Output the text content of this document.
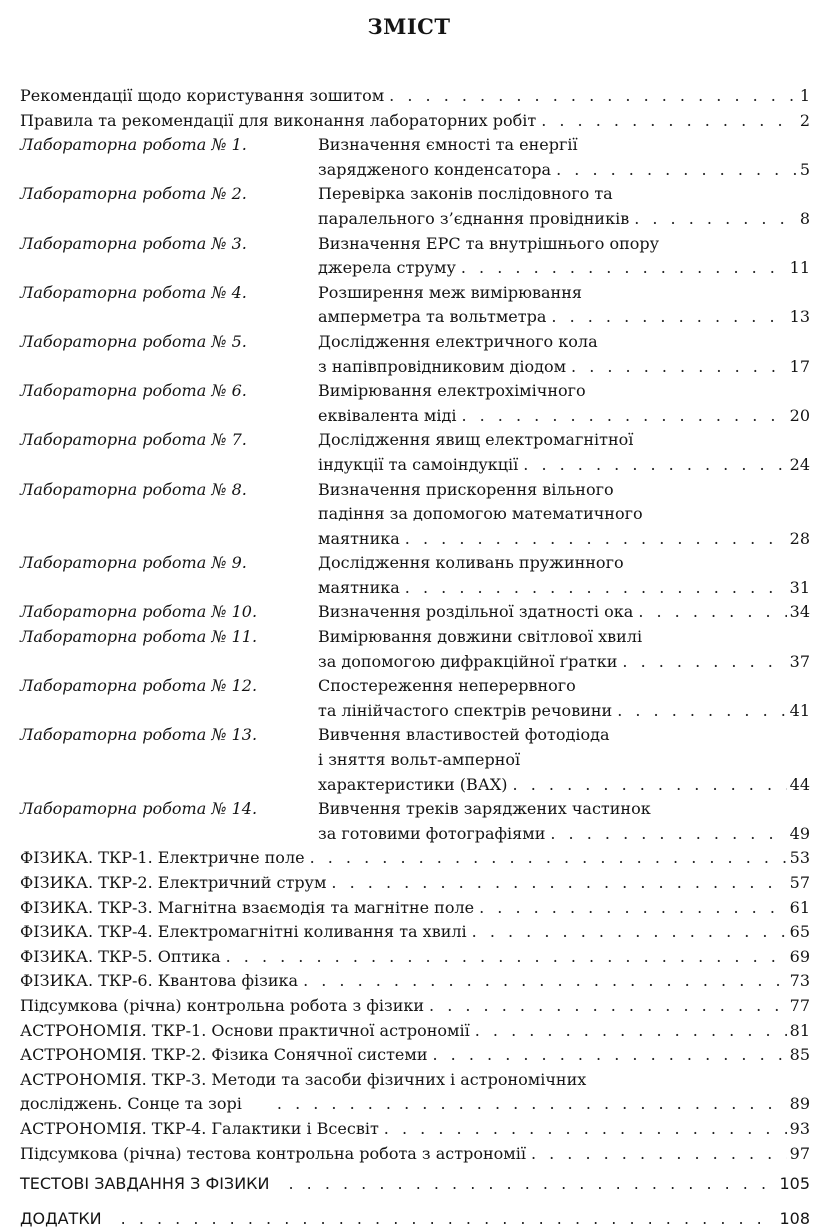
ЗМІСТ
Рекомендації щодо користування зошитом . . .	1
Правила та рекомендації для виконання лабораторних робіт . . .	2
Лабораторна робота № 1.	Визначення ємності та енергії
зарядженого конденсатора . . .	5
Лабораторна робота № 2.	Перевірка законів послідовного та
паралельного з’єднання провідників . . .	8
Лабораторна робота № 3.	Визначення ЕРС та внутрішнього опору
джерела струму . . .	11
Лабораторна робота № 4.	Розширення меж вимірювання
амперметра та вольтметра . . .	13
Лабораторна робота № 5.	Дослідження електричного кола
з напівпровідниковим діодом . . .	17
Лабораторна робота № 6.	Вимірювання електрохімічного
еквівалента міді . . .	20
Лабораторна робота № 7.	Дослідження явищ електромагнітної
індукції та самоіндукції . . .	24
Лабораторна робота № 8.	Визначення прискорення вільного
падіння за допомогою математичного
маятника . . .	28
Лабораторна робота № 9.	Дослідження коливань пружинного
маятника . . .	31
Лабораторна робота № 10.	Визначення роздільної здатності ока . . .	34
Лабораторна робота № 11.	Вимірювання довжини світлової хвилі
за допомогою дифракційної ґратки . . .	37
Лабораторна робота № 12.	Спостереження неперервного
та лінійчастого спектрів речовини . . .	41
Лабораторна робота № 13.	Вивчення властивостей фотодіода
і зняття вольт-амперної
характеристики (ВАХ) . . .	44
Лабораторна робота № 14.	Вивчення треків заряджених частинок
за готовими фотографіями . . .	49
ФІЗИКА. ТКР-1. Електричне поле . . .	53
ФІЗИКА. ТКР-2. Електричний струм . . .	57
ФІЗИКА. ТКР-3. Магнітна взаємодія та магнітне поле . . .	61
ФІЗИКА. ТКР-4. Електромагнітні коливання та хвилі . . .	65
ФІЗИКА. ТКР-5. Оптика . . .	69
ФІЗИКА. ТКР-6. Квантова фізика . . .	73
Підсумкова (річна) контрольна робота з фізики . . .	77
АСТРОНОМІЯ. ТКР-1. Основи практичної астрономії . . .	81
АСТРОНОМІЯ. ТКР-2. Фізика Сонячної системи . . .	85
АСТРОНОМІЯ. ТКР-3. Методи та засоби фізичних і астрономічних
досліджень. Сонце та зорі . . .	89
АСТРОНОМІЯ. ТКР-4. Галактики і Всесвіт . . .	93
Підсумкова (річна) тестова контрольна робота з астрономії . . .	97
ТЕСТОВІ ЗАВДАННЯ З ФІЗИКИ . . .	105
ДОДАТКИ . . .	108
